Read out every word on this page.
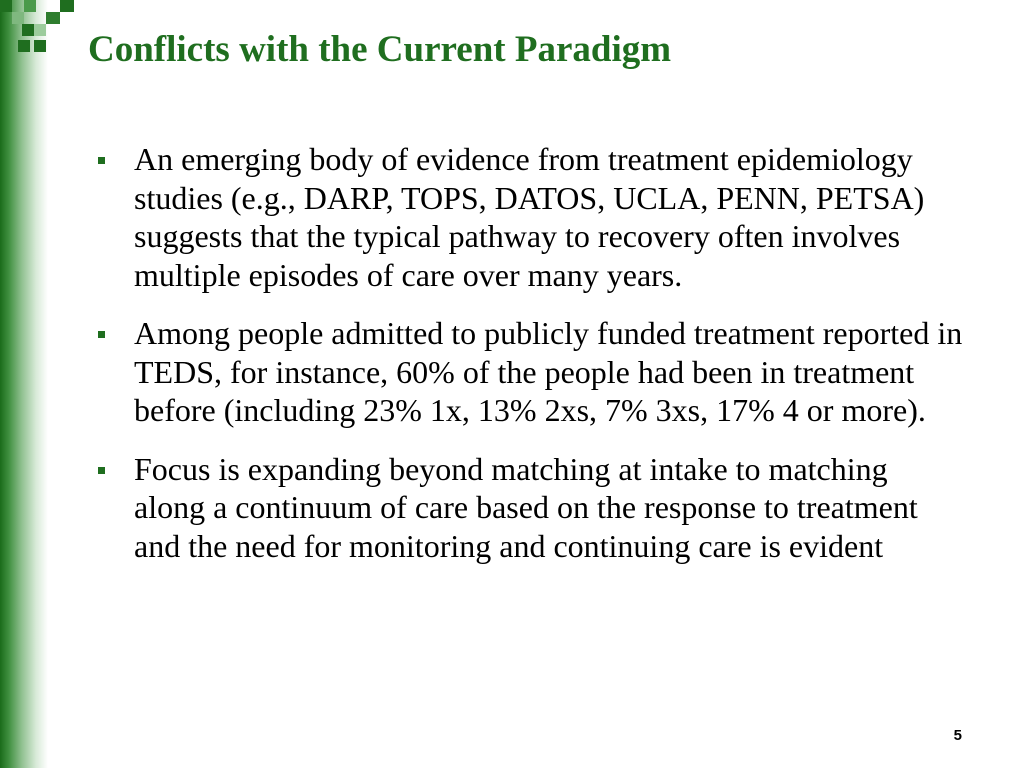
Conflicts with the Current Paradigm
An emerging body of evidence from treatment epidemiology studies (e.g., DARP, TOPS, DATOS, UCLA, PENN, PETSA) suggests that the typical pathway to recovery often involves multiple episodes of care over many years.
Among people admitted to publicly funded treatment reported in TEDS, for instance, 60% of the people had been in treatment before (including 23% 1x, 13% 2xs, 7% 3xs, 17% 4 or more).
Focus is expanding beyond matching at intake to matching along a continuum of care based on the response to treatment and the need for monitoring and continuing care is evident
5
